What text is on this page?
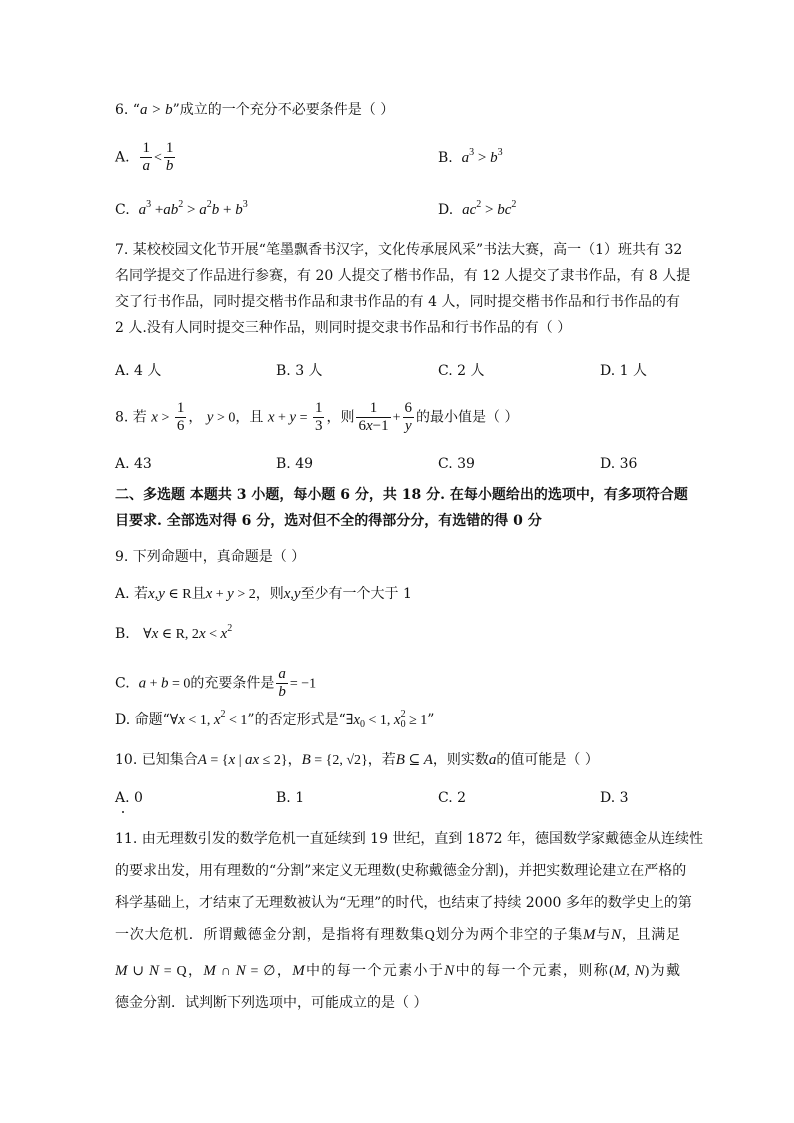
6. “a > b”成立的一个充分不必要条件是（ ）
A. $\frac{1}{a} < \frac{1}{b}$	B. $a^3 > b^3$
C. $a^3 +ab^2 > a^2b + b^3$	D. $ac^2 > bc^2$
7. 某校校园文化节开展“笔墨飘香书汉字，文化传承展风采”书法大赛，高一（1）班共有 32
名同学提交了作品进行参赛，有 20 人提交了楷书作品，有 12 人提交了隶书作品，有 8 人提
交了行书作品，同时提交楷书作品和隶书作品的有 4 人，同时提交楷书作品和行书作品的有
2 人.没有人同时提交三种作品，则同时提交隶书作品和行书作品的有（ ）
A. 4 人	B. 3 人	C. 2 人	D. 1 人
8. 若 $x > \frac{1}{6}$ ， y > 0，且 $x + y = \frac{1}{3}$ ，则 $\frac{1}{6x-1} + \frac{6}{y}$ 的最小值是（ ）
A. 43	B. 49	C. 39	D. 36
二、多选题 本题共 3 小题，每小题 6 分，共 18 分. 在每小题给出的选项中，有多项符合题
目要求. 全部选对得 6 分，选对但不全的得部分分，有选错的得 0 分
9. 下列命题中，真命题是（ ）
A. 若x,y ∈ R且x + y > 2，则x,y至少有一个大于 1
B. ∀x ∈ R, $2x < x^2$
C. a + b = 0的充要条件是 $\frac{a}{b} = -1$
D. 命题“∀x < 1, $x^2 < 1$”的否定形式是“$\exists x_0 < 1$, $x^2_0 \ge 1$”
10. 已知集合A = {x | ax ≤ 2}，B = {2, √2}，若B ⊆ A，则实数a的值可能是（ ）
A. 0	B. 1	C. 2	D. 3
11. 由无理数引发的数学危机一直延续到 19 世纪，直到 1872 年，德国数学家戴德金从连续性
的要求出发，用有理数的“分割”来定义无理数(史称戴德金分割)，并把实数理论建立在严格的
科学基础上，才结束了无理数被认为“无理”的时代，也结束了持续 2000 多年的数学史上的第
一次大危机．所谓戴德金分割，是指将有理数集Q划分为两个非空的子集M与N，且满足
M ∪ N = Q，M ∩ N = ∅，M中的每一个元素小于N中的每一个元素，则称(M, N)为戴
德金分割．试判断下列选项中，可能成立的是（ ）
